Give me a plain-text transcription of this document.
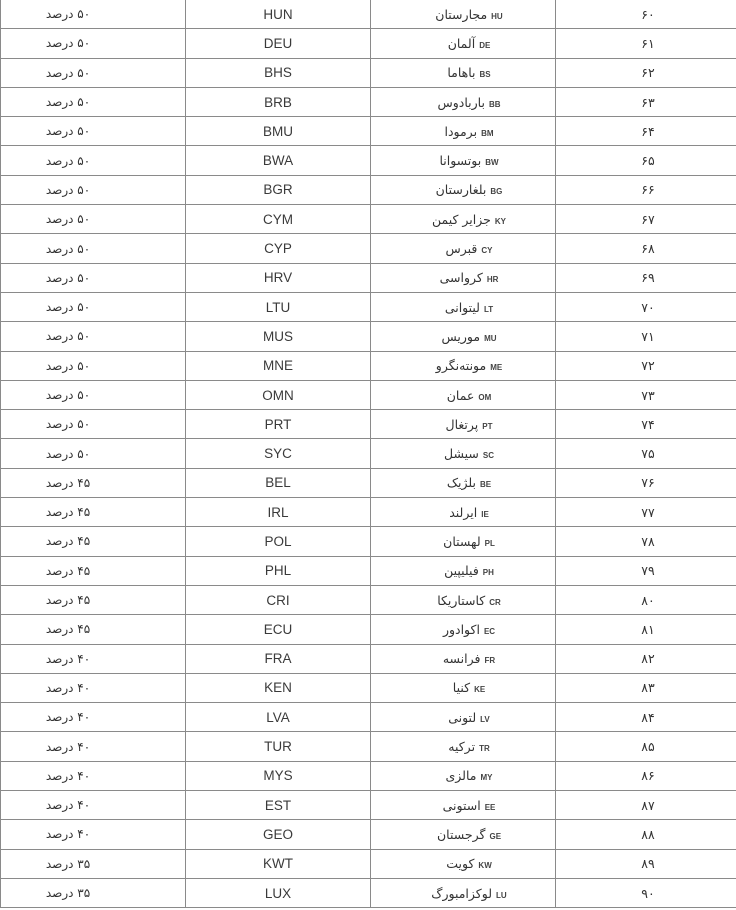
۵۰ درصد	HUN	HUمجارستان	۶۰
۵۰ درصد	DEU	DEآلمان	۶۱
۵۰ درصد	BHS	BSباهاما	۶۲
۵۰ درصد	BRB	BBباربادوس	۶۳
۵۰ درصد	BMU	BMبرمودا	۶۴
۵۰ درصد	BWA	BWبوتسوانا	۶۵
۵۰ درصد	BGR	BGبلغارستان	۶۶
۵۰ درصد	CYM	KYجزایر کیمن	۶۷
۵۰ درصد	CYP	CYقبرس	۶۸
۵۰ درصد	HRV	HRکرواسی	۶۹
۵۰ درصد	LTU	LTلیتوانی	۷۰
۵۰ درصد	MUS	MUموریس	۷۱
۵۰ درصد	MNE	MEمونته‌نگرو	۷۲
۵۰ درصد	OMN	OMعمان	۷۳
۵۰ درصد	PRT	PTپرتغال	۷۴
۵۰ درصد	SYC	SCسیشل	۷۵
۴۵ درصد	BEL	BEبلژیک	۷۶
۴۵ درصد	IRL	IEایرلند	۷۷
۴۵ درصد	POL	PLلهستان	۷۸
۴۵ درصد	PHL	PHفیلیپین	۷۹
۴۵ درصد	CRI	CRکاستاریکا	۸۰
۴۵ درصد	ECU	ECاکوادور	۸۱
۴۰ درصد	FRA	FRفرانسه	۸۲
۴۰ درصد	KEN	KEکنیا	۸۳
۴۰ درصد	LVA	LVلتونی	۸۴
۴۰ درصد	TUR	TRترکیه	۸۵
۴۰ درصد	MYS	MYمالزی	۸۶
۴۰ درصد	EST	EEاستونی	۸۷
۴۰ درصد	GEO	GEگرجستان	۸۸
۳۵ درصد	KWT	KWکویت	۸۹
۳۵ درصد	LUX	LUلوکزامبورگ	۹۰
